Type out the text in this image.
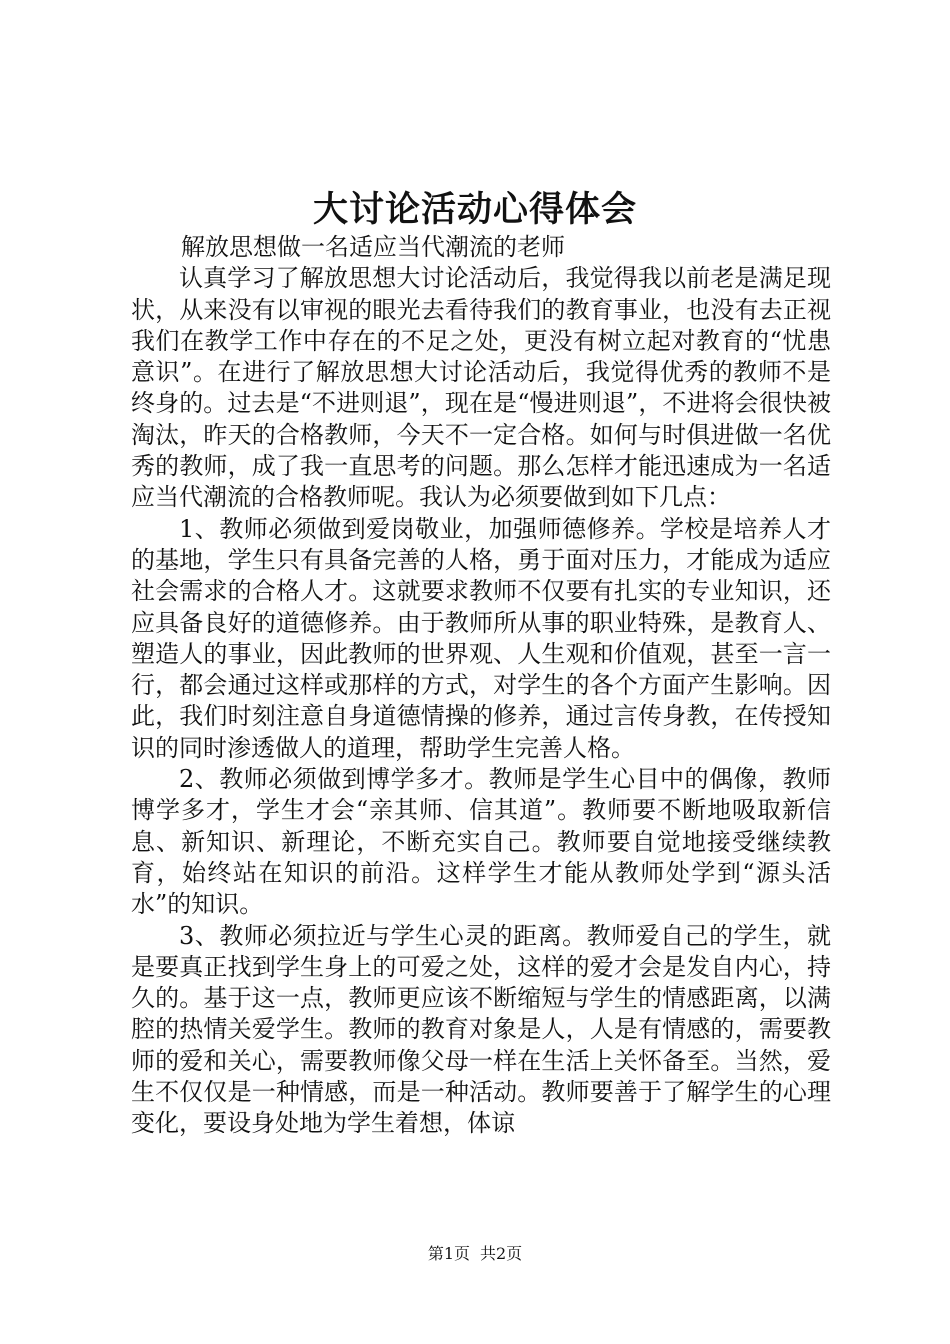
大讨论活动心得体会

解放思想做一名适应当代潮流的老师

认真学习了解放思想大讨论活动后，我觉得我以前老是满足现状，从来没有以审视的眼光去看待我们的教育事业，也没有去正视我们在教学工作中存在的不足之处，更没有树立起对教育的“忧患意识”。在进行了解放思想大讨论活动后，我觉得优秀的教师不是终身的。过去是“不进则退”，现在是“慢进则退”，不进将会很快被淘汰，昨天的合格教师，今天不一定合格。如何与时俱进做一名优秀的教师，成了我一直思考的问题。那么怎样才能迅速成为一名适应当代潮流的合格教师呢。我认为必须要做到如下几点：

1、教师必须做到爱岗敬业，加强师德修养。学校是培养人才的基地，学生只有具备完善的人格，勇于面对压力，才能成为适应社会需求的合格人才。这就要求教师不仅要有扎实的专业知识，还应具备良好的道德修养。由于教师所从事的职业特殊，是教育人、塑造人的事业，因此教师的世界观、人生观和价值观，甚至一言一行，都会通过这样或那样的方式，对学生的各个方面产生影响。因此，我们时刻注意自身道德情操的修养，通过言传身教，在传授知识的同时渗透做人的道理，帮助学生完善人格。

2、教师必须做到博学多才。教师是学生心目中的偶像，教师博学多才，学生才会“亲其师、信其道”。教师要不断地吸取新信息、新知识、新理论，不断充实自己。教师要自觉地接受继续教育，始终站在知识的前沿。这样学生才能从教师处学到“源头活水”的知识。

3、教师必须拉近与学生心灵的距离。教师爱自己的学生，就是要真正找到学生身上的可爱之处，这样的爱才会是发自内心，持久的。基于这一点，教师更应该不断缩短与学生的情感距离，以满腔的热情关爱学生。教师的教育对象是人，人是有情感的，需要教师的爱和关心，需要教师像父母一样在生活上关怀备至。当然，爱生不仅仅是一种情感，而是一种活动。教师要善于了解学生的心理变化，要设身处地为学生着想，体谅

第1页 共2页
